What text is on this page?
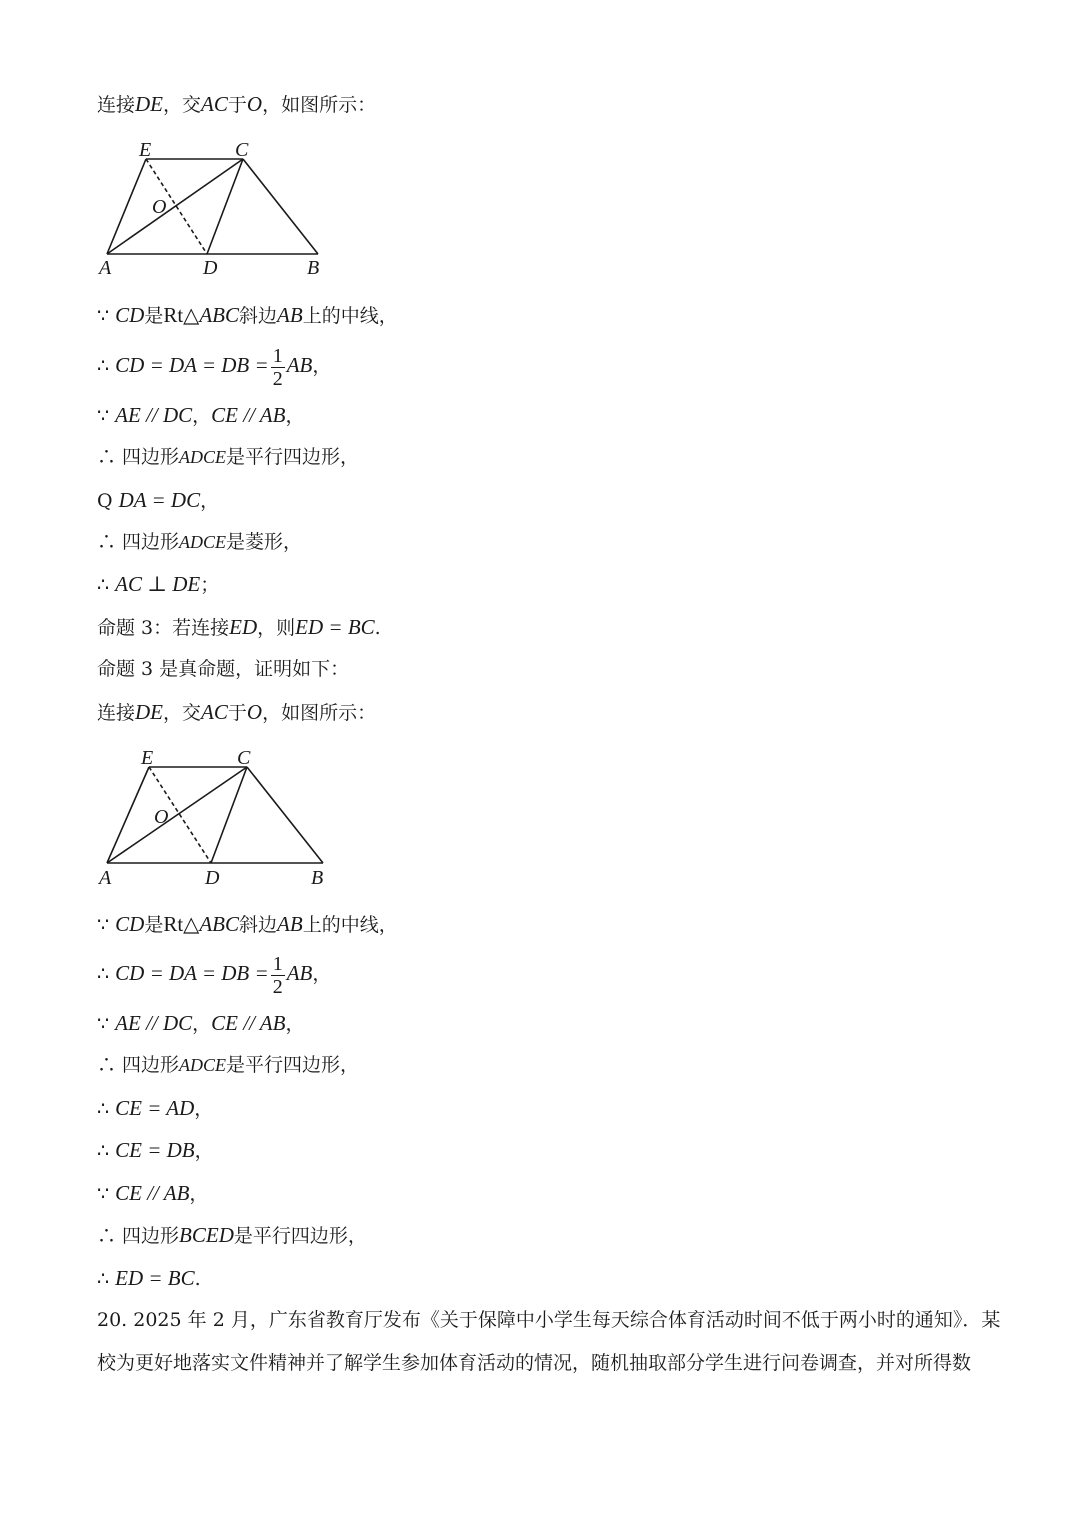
连接DE，交AC于O，如图所示：
E	C
O
A	D	B
∵ CD是Rt△ABC斜边AB上的中线，
∴ CD = DA = DB = $\frac{1}{2}$ AB，
∵ AE // DC，CE // AB，
∴ 四边形ADCE是平行四边形，
Q DA = DC，
∴ 四边形ADCE是菱形，
∴ AC ⊥ DE；
命题 3：若连接ED，则ED = BC.
命题 3 是真命题，证明如下：
连接DE，交AC于O，如图所示：
E	C
O
A	D	B
∵ CD是Rt△ABC斜边AB上的中线，
∴ CD = DA = DB = $\frac{1}{2}$ AB，
∵ AE // DC，CE // AB，
∴ 四边形ADCE是平行四边形，
∴ CE = AD，
∴ CE = DB，
∵ CE // AB，
∴ 四边形BCED是平行四边形，
∴ ED = BC.
20. 2025 年 2 月，广东省教育厅发布《关于保障中小学生每天综合体育活动时间不低于两小时的通知》．某
校为更好地落实文件精神并了解学生参加体育活动的情况，随机抽取部分学生进行问卷调查，并对所得数
